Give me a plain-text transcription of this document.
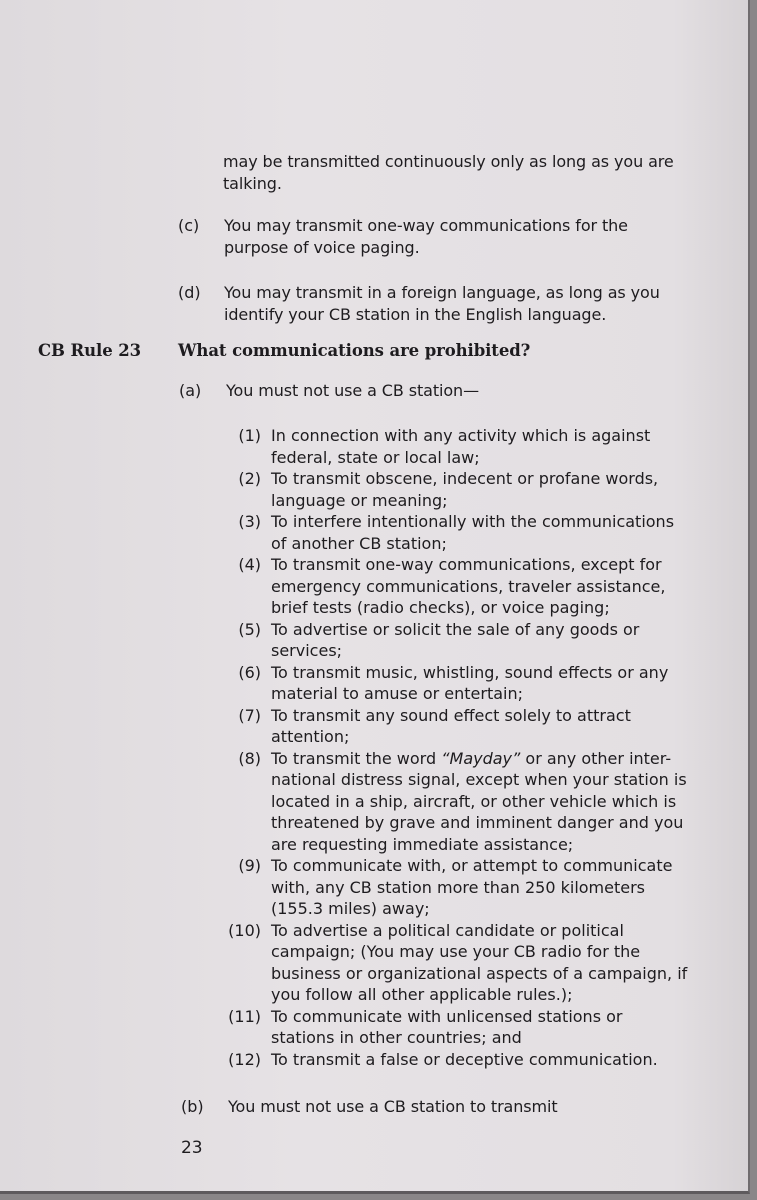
may be transmitted continuously only as long as you are
talking.
(c) You may transmit one-way communications for the
purpose of voice paging.
(d) You may transmit in a foreign language, as long as you
identify your CB station in the English language.
CB Rule 23 What communications are prohibited?
(a) You must not use a CB station—
(1) In connection with any activity which is against
federal, state or local law;
(2) To transmit obscene, indecent or profane words,
language or meaning;
(3) To interfere intentionally with the communications
of another CB station;
(4) To transmit one-way communications, except for
emergency communications, traveler assistance,
brief tests (radio checks), or voice paging;
(5) To advertise or solicit the sale of any goods or
services;
(6) To transmit music, whistling, sound effects or any
material to amuse or entertain;
(7) To transmit any sound effect solely to attract
attention;
(8) To transmit the word “Mayday” or any other inter-
national distress signal, except when your station is
located in a ship, aircraft, or other vehicle which is
threatened by grave and imminent danger and you
are requesting immediate assistance;
(9) To communicate with, or attempt to communicate
with, any CB station more than 250 kilometers
(155.3 miles) away;
(10) To advertise a political candidate or political
campaign; (You may use your CB radio for the
business or organizational aspects of a campaign, if
you follow all other applicable rules.);
(11) To communicate with unlicensed stations or
stations in other countries; and
(12) To transmit a false or deceptive communication.
(b) You must not use a CB station to transmit
23
